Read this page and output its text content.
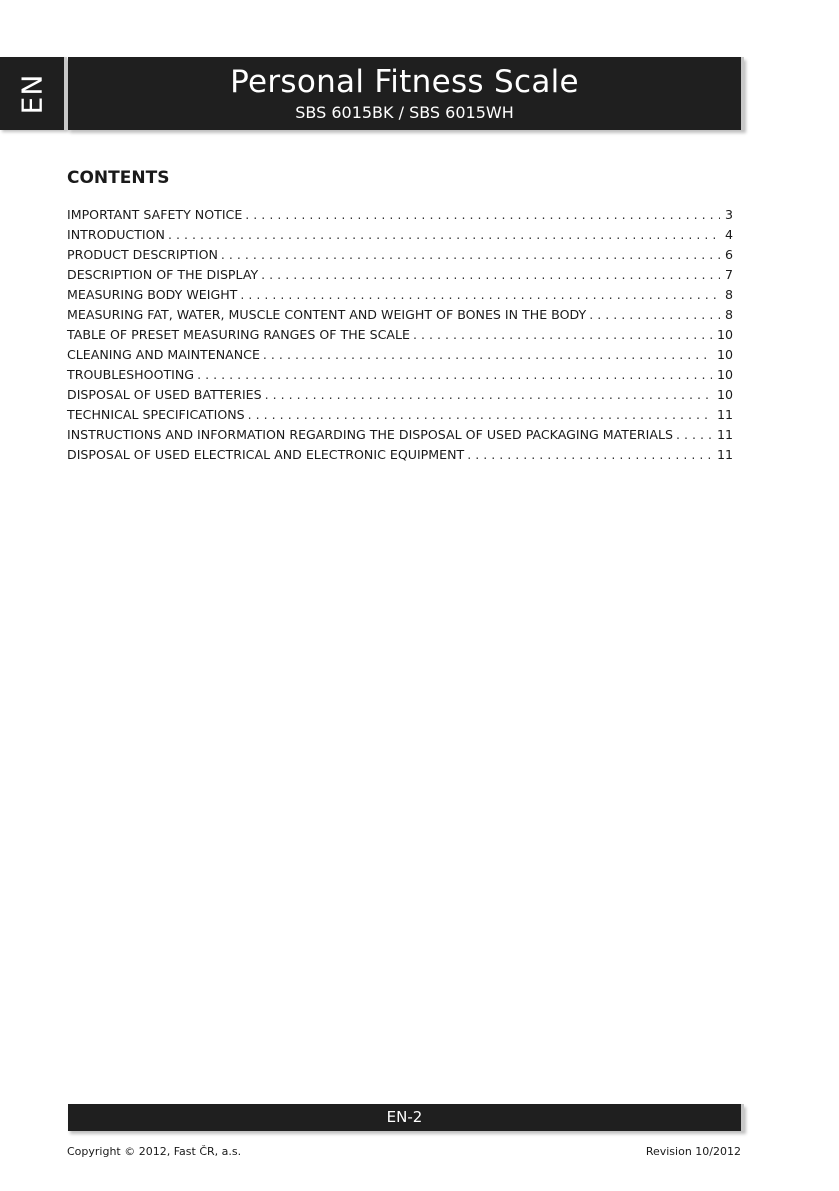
EN	Personal Fitness Scale
SBS 6015BK / SBS 6015WH
CONTENTS
IMPORTANT SAFETY NOTICE . . .	3
INTRODUCTION . . .	4
PRODUCT DESCRIPTION . . .	6
DESCRIPTION OF THE DISPLAY . . .	7
MEASURING BODY WEIGHT . . .	8
MEASURING FAT, WATER, MUSCLE CONTENT AND WEIGHT OF BONES IN THE BODY . . .	8
TABLE OF PRESET MEASURING RANGES OF THE SCALE . . .	10
CLEANING AND MAINTENANCE . . .	10
TROUBLESHOOTING . . .	10
DISPOSAL OF USED BATTERIES . . .	10
TECHNICAL SPECIFICATIONS . . .	11
INSTRUCTIONS AND INFORMATION REGARDING THE DISPOSAL OF USED PACKAGING MATERIALS . . .	11
DISPOSAL OF USED ELECTRICAL AND ELECTRONIC EQUIPMENT . . .	11
EN-2
Copyright © 2012, Fast ČR, a.s.	Revision 10/2012
